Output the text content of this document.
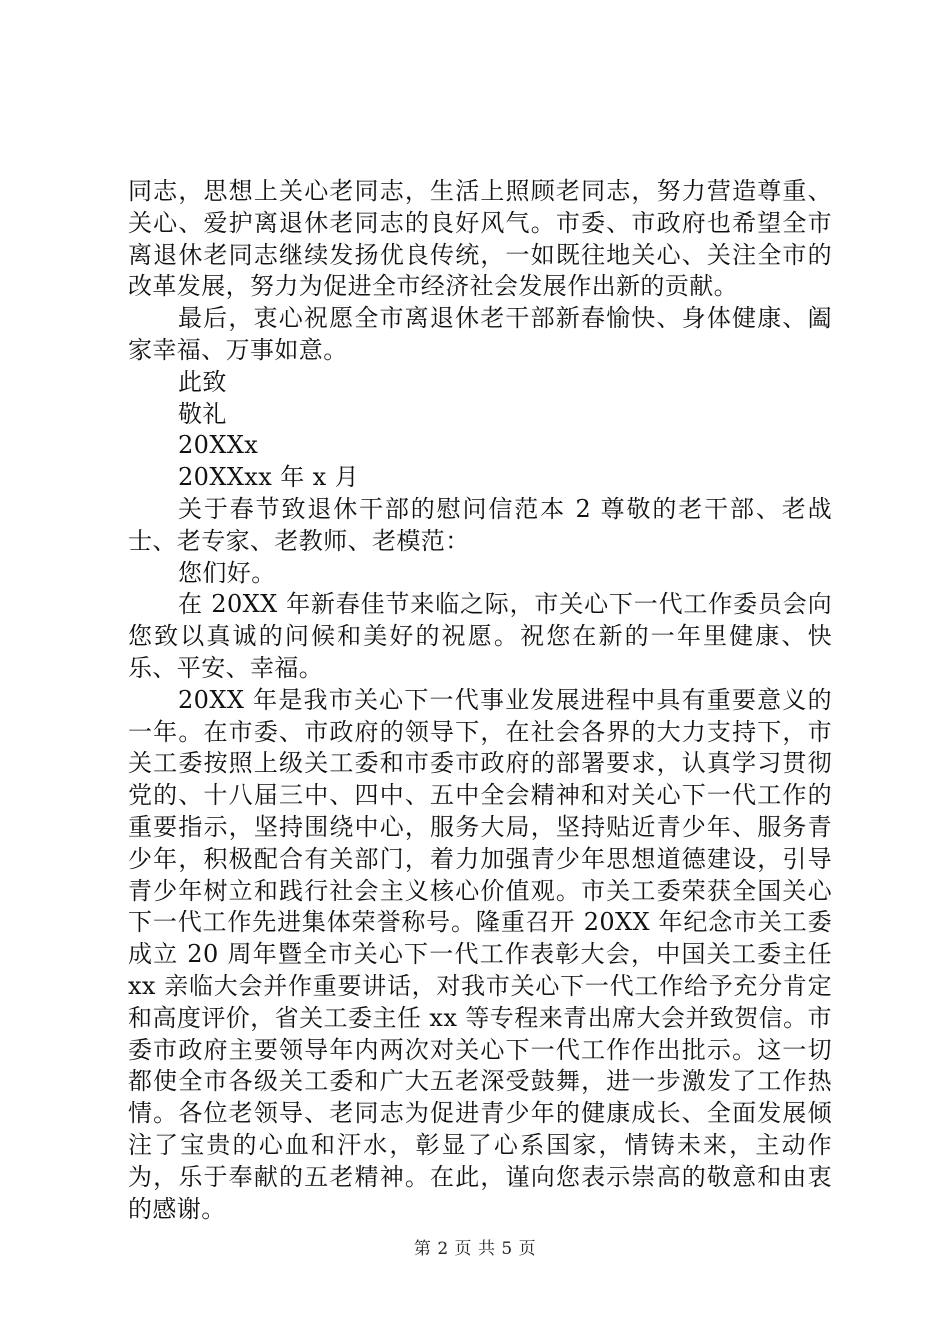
同志，思想上关心老同志，生活上照顾老同志，努力营造尊重、关心、爱护离退休老同志的良好风气。市委、市政府也希望全市离退休老同志继续发扬优良传统，一如既往地关心、关注全市的改革发展，努力为促进全市经济社会发展作出新的贡献。

最后，衷心祝愿全市离退休老干部新春愉快、身体健康、阖家幸福、万事如意。

此致

敬礼

20XXx

20XXxx 年 x 月

关于春节致退休干部的慰问信范本 2 尊敬的老干部、老战士、老专家、老教师、老模范：

您们好。

在 20XX 年新春佳节来临之际，市关心下一代工作委员会向您致以真诚的问候和美好的祝愿。祝您在新的一年里健康、快乐、平安、幸福。

20XX 年是我市关心下一代事业发展进程中具有重要意义的一年。在市委、市政府的领导下，在社会各界的大力支持下，市关工委按照上级关工委和市委市政府的部署要求，认真学习贯彻党的、十八届三中、四中、五中全会精神和对关心下一代工作的重要指示，坚持围绕中心，服务大局，坚持贴近青少年、服务青少年，积极配合有关部门，着力加强青少年思想道德建设，引导青少年树立和践行社会主义核心价值观。市关工委荣获全国关心下一代工作先进集体荣誉称号。隆重召开 20XX 年纪念市关工委成立 20 周年暨全市关心下一代工作表彰大会，中国关工委主任 xx 亲临大会并作重要讲话，对我市关心下一代工作给予充分肯定和高度评价，省关工委主任 xx 等专程来青出席大会并致贺信。市委市政府主要领导年内两次对关心下一代工作作出批示。这一切都使全市各级关工委和广大五老深受鼓舞，进一步激发了工作热情。各位老领导、老同志为促进青少年的健康成长、全面发展倾注了宝贵的心血和汗水，彰显了心系国家，情铸未来，主动作为，乐于奉献的五老精神。在此，谨向您表示崇高的敬意和由衷的感谢。

第 2 页 共 5 页
